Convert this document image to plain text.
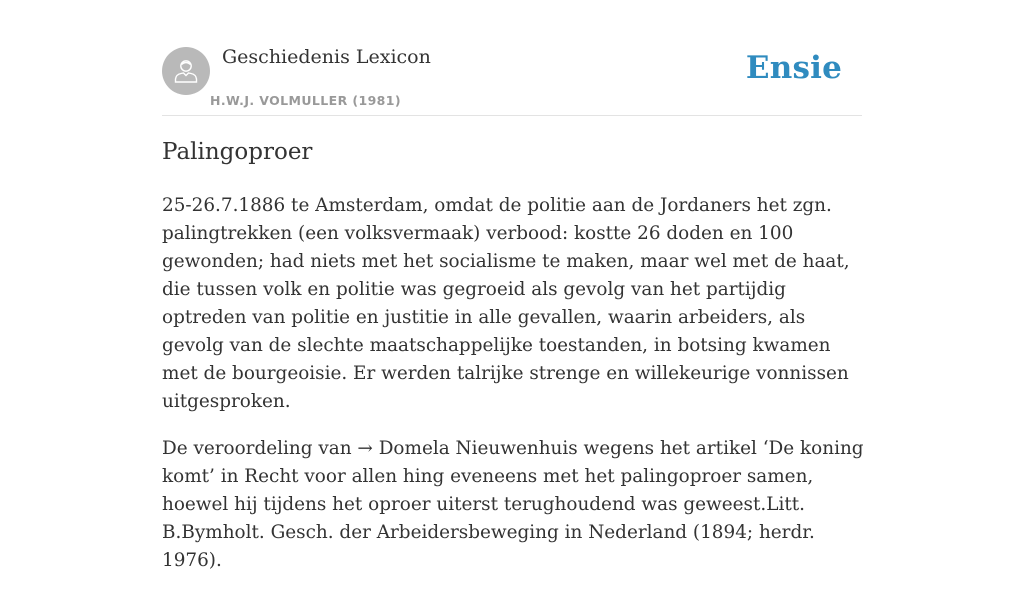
Geschiedenis Lexicon
H.W.J. VOLMULLER (1981)
Ensie
Palingoproer

25-26.7.1886 te Amsterdam, omdat de politie aan de Jordaners het zgn. palingtrekken (een volksvermaak) verbood: kostte 26 doden en 100 gewonden; had niets met het socialisme te maken, maar wel met de haat, die tussen volk en politie was gegroeid als gevolg van het partijdig optreden van politie en justitie in alle gevallen, waarin arbeiders, als gevolg van de slechte maatschappelijke toestanden, in botsing kwamen met de bourgeoisie. Er werden talrijke strenge en willekeurige vonnissen uitgesproken.

De veroordeling van → Domela Nieuwenhuis wegens het artikel ‘De koning komt’ in Recht voor allen hing eveneens met het palingoproer samen, hoewel hij tijdens het oproer uiterst terughoudend was geweest.Litt. B.Bymholt. Gesch. der Arbeidersbeweging in Nederland (1894; herdr. 1976).
